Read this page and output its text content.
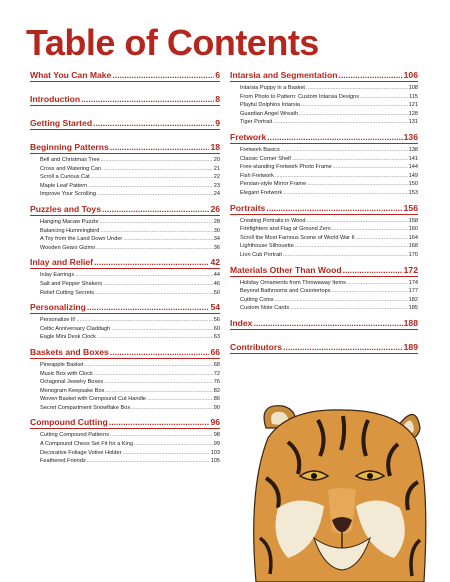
Table of Contents
What You Can Make .....	6
Introduction .....	8
Getting Started .....	9
Beginning Patterns .....	18
Bell and Christmas Tree .....	20
Cross and Watering Can .....	21
Scroll a Curious Cat .....	22
Maple Leaf Pattern .....	23
Improve Your Scrolling .....	24
Puzzles and Toys .....	26
Hanging Macaw Puzzle .....	28
Balancing Hummingbird .....	30
A Toy from the Land Down Under .....	34
Wooden Gears Gizmo .....	36
Inlay and Relief .....	42
Inlay Earrings .....	44
Salt and Pepper Shakers .....	46
Relief Cutting Secrets .....	50
Personalizing .....	54
Personalize It! .....	56
Celtic Anniversary Claddagh .....	60
Eagle Mini Desk Clock .....	63
Baskets and Boxes .....	66
Pineapple Basket .....	68
Music Box with Clock .....	72
Octagonal Jewelry Boxes .....	76
Monogram Keepsake Box .....	82
Woven Basket with Compound Cut Handle .....	86
Secret Compartment Snowflake Box .....	90
Compound Cutting .....	96
Cutting Compound Patterns .....	98
A Compound Chess Set Fit for a King .....	99
Decorative Foliage Votive Holder .....	103
Feathered Friends .....	105
Intarsia and Segmentation .....	106
Intarsia Puppy in a Basket .....	108
From Photo to Pattern: Custom Intarsia Designs .....	115
Playful Dolphins Intarsia .....	121
Guardian Angel Wreath .....	128
Tiger Portrait .....	131
Fretwork .....	136
Fretwork Basics .....	138
Classic Corner Shelf .....	141
Free-standing Fretwork Photo Frame .....	144
Fish Fretwork .....	149
Persian-style Mirror Frame .....	150
Elegant Fretwork .....	153
Portraits .....	156
Creating Portraits in Wood .....	158
Firefighters and Flag at Ground Zero .....	160
Scroll the Most Famous Scene of World War II .....	164
Lighthouse Silhouette .....	168
Lion Cub Portrait .....	170
Materials Other Than Wood .....	172
Holiday Ornaments from Throwaway Items .....	174
Beyond Bathrooms and Countertops .....	177
Cutting Coins .....	182
Custom Note Cards .....	185
Index .....	188
Contributors .....	189
